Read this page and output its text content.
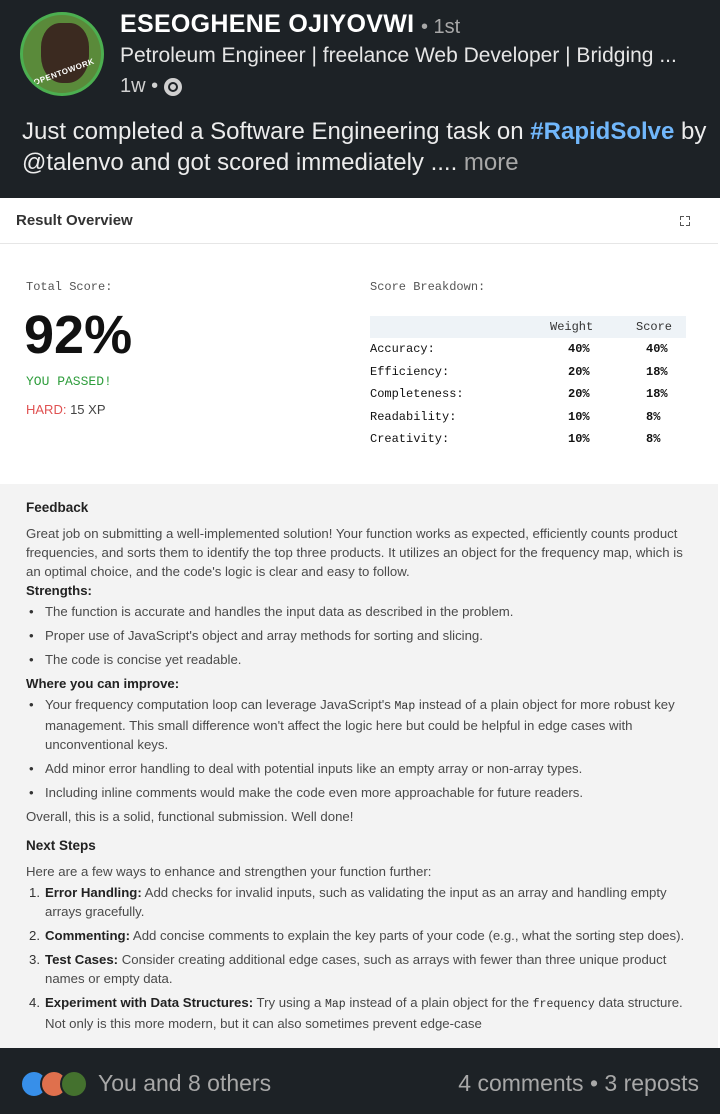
#OPENTOWORK
ESEOGHENE OJIYOVWI • 1st
Petroleum Engineer | freelance Web Developer | Bridging ...
1w •
Just completed a Software Engineering task on #RapidSolve by @talenvo and got scored immediately .... more
Result Overview
Total Score:
92%
YOU PASSED!
HARD: 15 XP
Score Breakdown:
Weight	Score
Accuracy:	40%	40%
Efficiency:	20%	18%
Completeness:	20%	18%
Readability:	10%	8%
Creativity:	10%	8%
Feedback

Great job on submitting a well-implemented solution! Your function works as expected, efficiently counts product frequencies, and sorts them to identify the top three products. It utilizes an object for the frequency map, which is an optimal choice, and the code's logic is clear and easy to follow.

Strengths:
• The function is accurate and handles the input data as described in the problem.
• Proper use of JavaScript's object and array methods for sorting and slicing.
• The code is concise yet readable.
Where you can improve:
• Your frequency computation loop can leverage JavaScript's Map instead of a plain object for more robust key management. This small difference won't affect the logic here but could be helpful in edge cases with unconventional keys.
• Add minor error handling to deal with potential inputs like an empty array or non-array types.
• Including inline comments would make the code even more approachable for future readers.

Overall, this is a solid, functional submission. Well done!

Next Steps

Here are a few ways to enhance and strengthen your function further:

1. Error Handling: Add checks for invalid inputs, such as validating the input as an array and handling empty arrays gracefully.
2. Commenting: Add concise comments to explain the key parts of your code (e.g., what the sorting step does).
3. Test Cases: Consider creating additional edge cases, such as arrays with fewer than three unique product names or empty data.
4. Experiment with Data Structures: Try using a Map instead of a plain object for the frequency data structure. Not only is this more modern, but it can also sometimes prevent edge-case
You and 8 others	4 comments • 3 reposts
